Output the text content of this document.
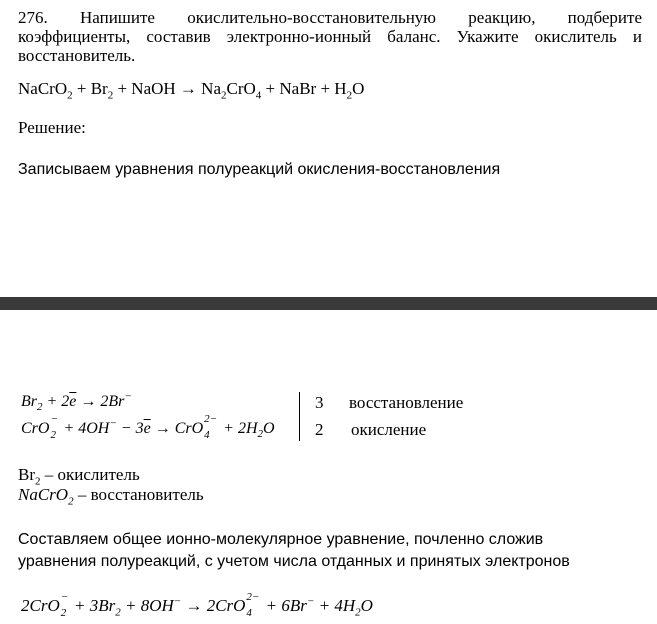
276. Напишите окислительно-восстановительную реакцию, подберите коэффициенты, составив электронно-ионный баланс. Укажите окислитель и восстановитель.
NaCrO$_2$ + $Br_2$ + NaOH → $Na_2CrO_4$ + NaBr + $H_2O$
Решение:
Записываем уравнения полуреакций окисления-восстановления
$Br_2 + 2\overline{e} \to 2Br^-$
CrO
−
$2 + 4OH^- - 3\overline{e}$ → CrO
2−
$4 + 2H_2O$
3
2
восстановление
окисление
$Br_2$ – окислитель
NaCrO$_2$ – восстановитель
Составляем общее ионно-молекулярное уравнение, почленно сложив уравнения полуреакций, с учетом числа отданных и принятых электронов
2CrO −
$2 + 3Br_2 + 8OH^- \to 2CrO$ 2−
$4 + 6Br^- + 4H_2O$
